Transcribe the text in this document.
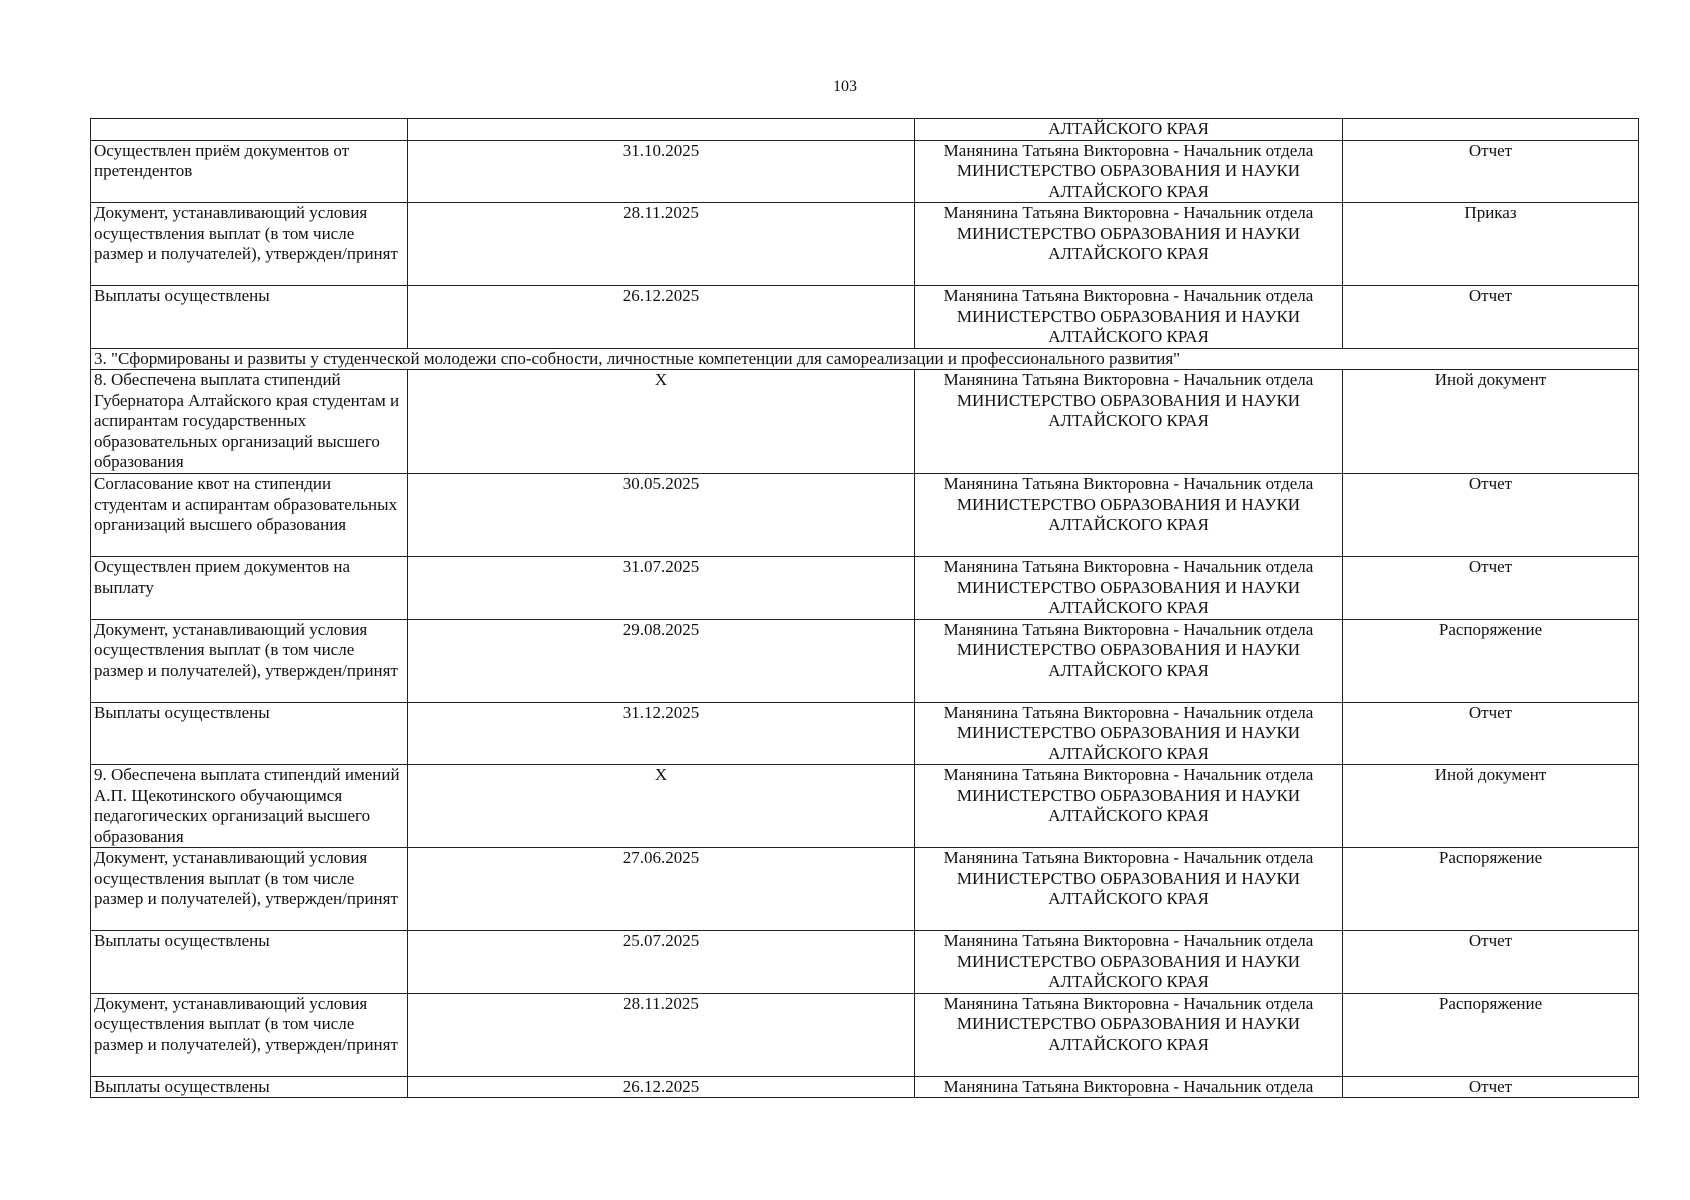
103
		АЛТАЙСКОГО КРАЯ	
Осуществлен приём документов от претендентов	31.10.2025	Манянина Татьяна Викторовна - Начальник отдела
МИНИСТЕРСТВО ОБРАЗОВАНИЯ И НАУКИ
АЛТАЙСКОГО КРАЯ	Отчет
Документ, устанавливающий условия осуществления выплат (в том числе размер и получателей), утвержден/принят	28.11.2025	Манянина Татьяна Викторовна - Начальник отдела
МИНИСТЕРСТВО ОБРАЗОВАНИЯ И НАУКИ
АЛТАЙСКОГО КРАЯ	Приказ
Выплаты осуществлены	26.12.2025	Манянина Татьяна Викторовна - Начальник отдела
МИНИСТЕРСТВО ОБРАЗОВАНИЯ И НАУКИ
АЛТАЙСКОГО КРАЯ	Отчет
3. "Сформированы и развиты у студенческой молодежи спо-собности, личностные компетенции для самореализации и профессионального развития"			
8. Обеспечена выплата стипендий Губернатора Алтайского края студентам и аспирантам государственных образовательных организаций высшего образования	X	Манянина Татьяна Викторовна - Начальник отдела
МИНИСТЕРСТВО ОБРАЗОВАНИЯ И НАУКИ
АЛТАЙСКОГО КРАЯ	Иной документ
Согласование квот на стипендии студентам и аспирантам образовательных организаций высшего образования	30.05.2025	Манянина Татьяна Викторовна - Начальник отдела
МИНИСТЕРСТВО ОБРАЗОВАНИЯ И НАУКИ
АЛТАЙСКОГО КРАЯ	Отчет
Осуществлен прием документов на выплату	31.07.2025	Манянина Татьяна Викторовна - Начальник отдела
МИНИСТЕРСТВО ОБРАЗОВАНИЯ И НАУКИ
АЛТАЙСКОГО КРАЯ	Отчет
Документ, устанавливающий условия осуществления выплат (в том числе размер и получателей), утвержден/принят	29.08.2025	Манянина Татьяна Викторовна - Начальник отдела
МИНИСТЕРСТВО ОБРАЗОВАНИЯ И НАУКИ
АЛТАЙСКОГО КРАЯ	Распоряжение
Выплаты осуществлены	31.12.2025	Манянина Татьяна Викторовна - Начальник отдела
МИНИСТЕРСТВО ОБРАЗОВАНИЯ И НАУКИ
АЛТАЙСКОГО КРАЯ	Отчет
9. Обеспечена выплата стипендий имений А.П. Щекотинского обучающимся педагогических организаций высшего образования	X	Манянина Татьяна Викторовна - Начальник отдела
МИНИСТЕРСТВО ОБРАЗОВАНИЯ И НАУКИ
АЛТАЙСКОГО КРАЯ	Иной документ
Документ, устанавливающий условия осуществления выплат (в том числе размер и получателей), утвержден/принят	27.06.2025	Манянина Татьяна Викторовна - Начальник отдела
МИНИСТЕРСТВО ОБРАЗОВАНИЯ И НАУКИ
АЛТАЙСКОГО КРАЯ	Распоряжение
Выплаты осуществлены	25.07.2025	Манянина Татьяна Викторовна - Начальник отдела
МИНИСТЕРСТВО ОБРАЗОВАНИЯ И НАУКИ
АЛТАЙСКОГО КРАЯ	Отчет
Документ, устанавливающий условия осуществления выплат (в том числе размер и получателей), утвержден/принят	28.11.2025	Манянина Татьяна Викторовна - Начальник отдела
МИНИСТЕРСТВО ОБРАЗОВАНИЯ И НАУКИ
АЛТАЙСКОГО КРАЯ	Распоряжение
Выплаты осуществлены	26.12.2025	Манянина Татьяна Викторовна - Начальник отдела	Отчет
